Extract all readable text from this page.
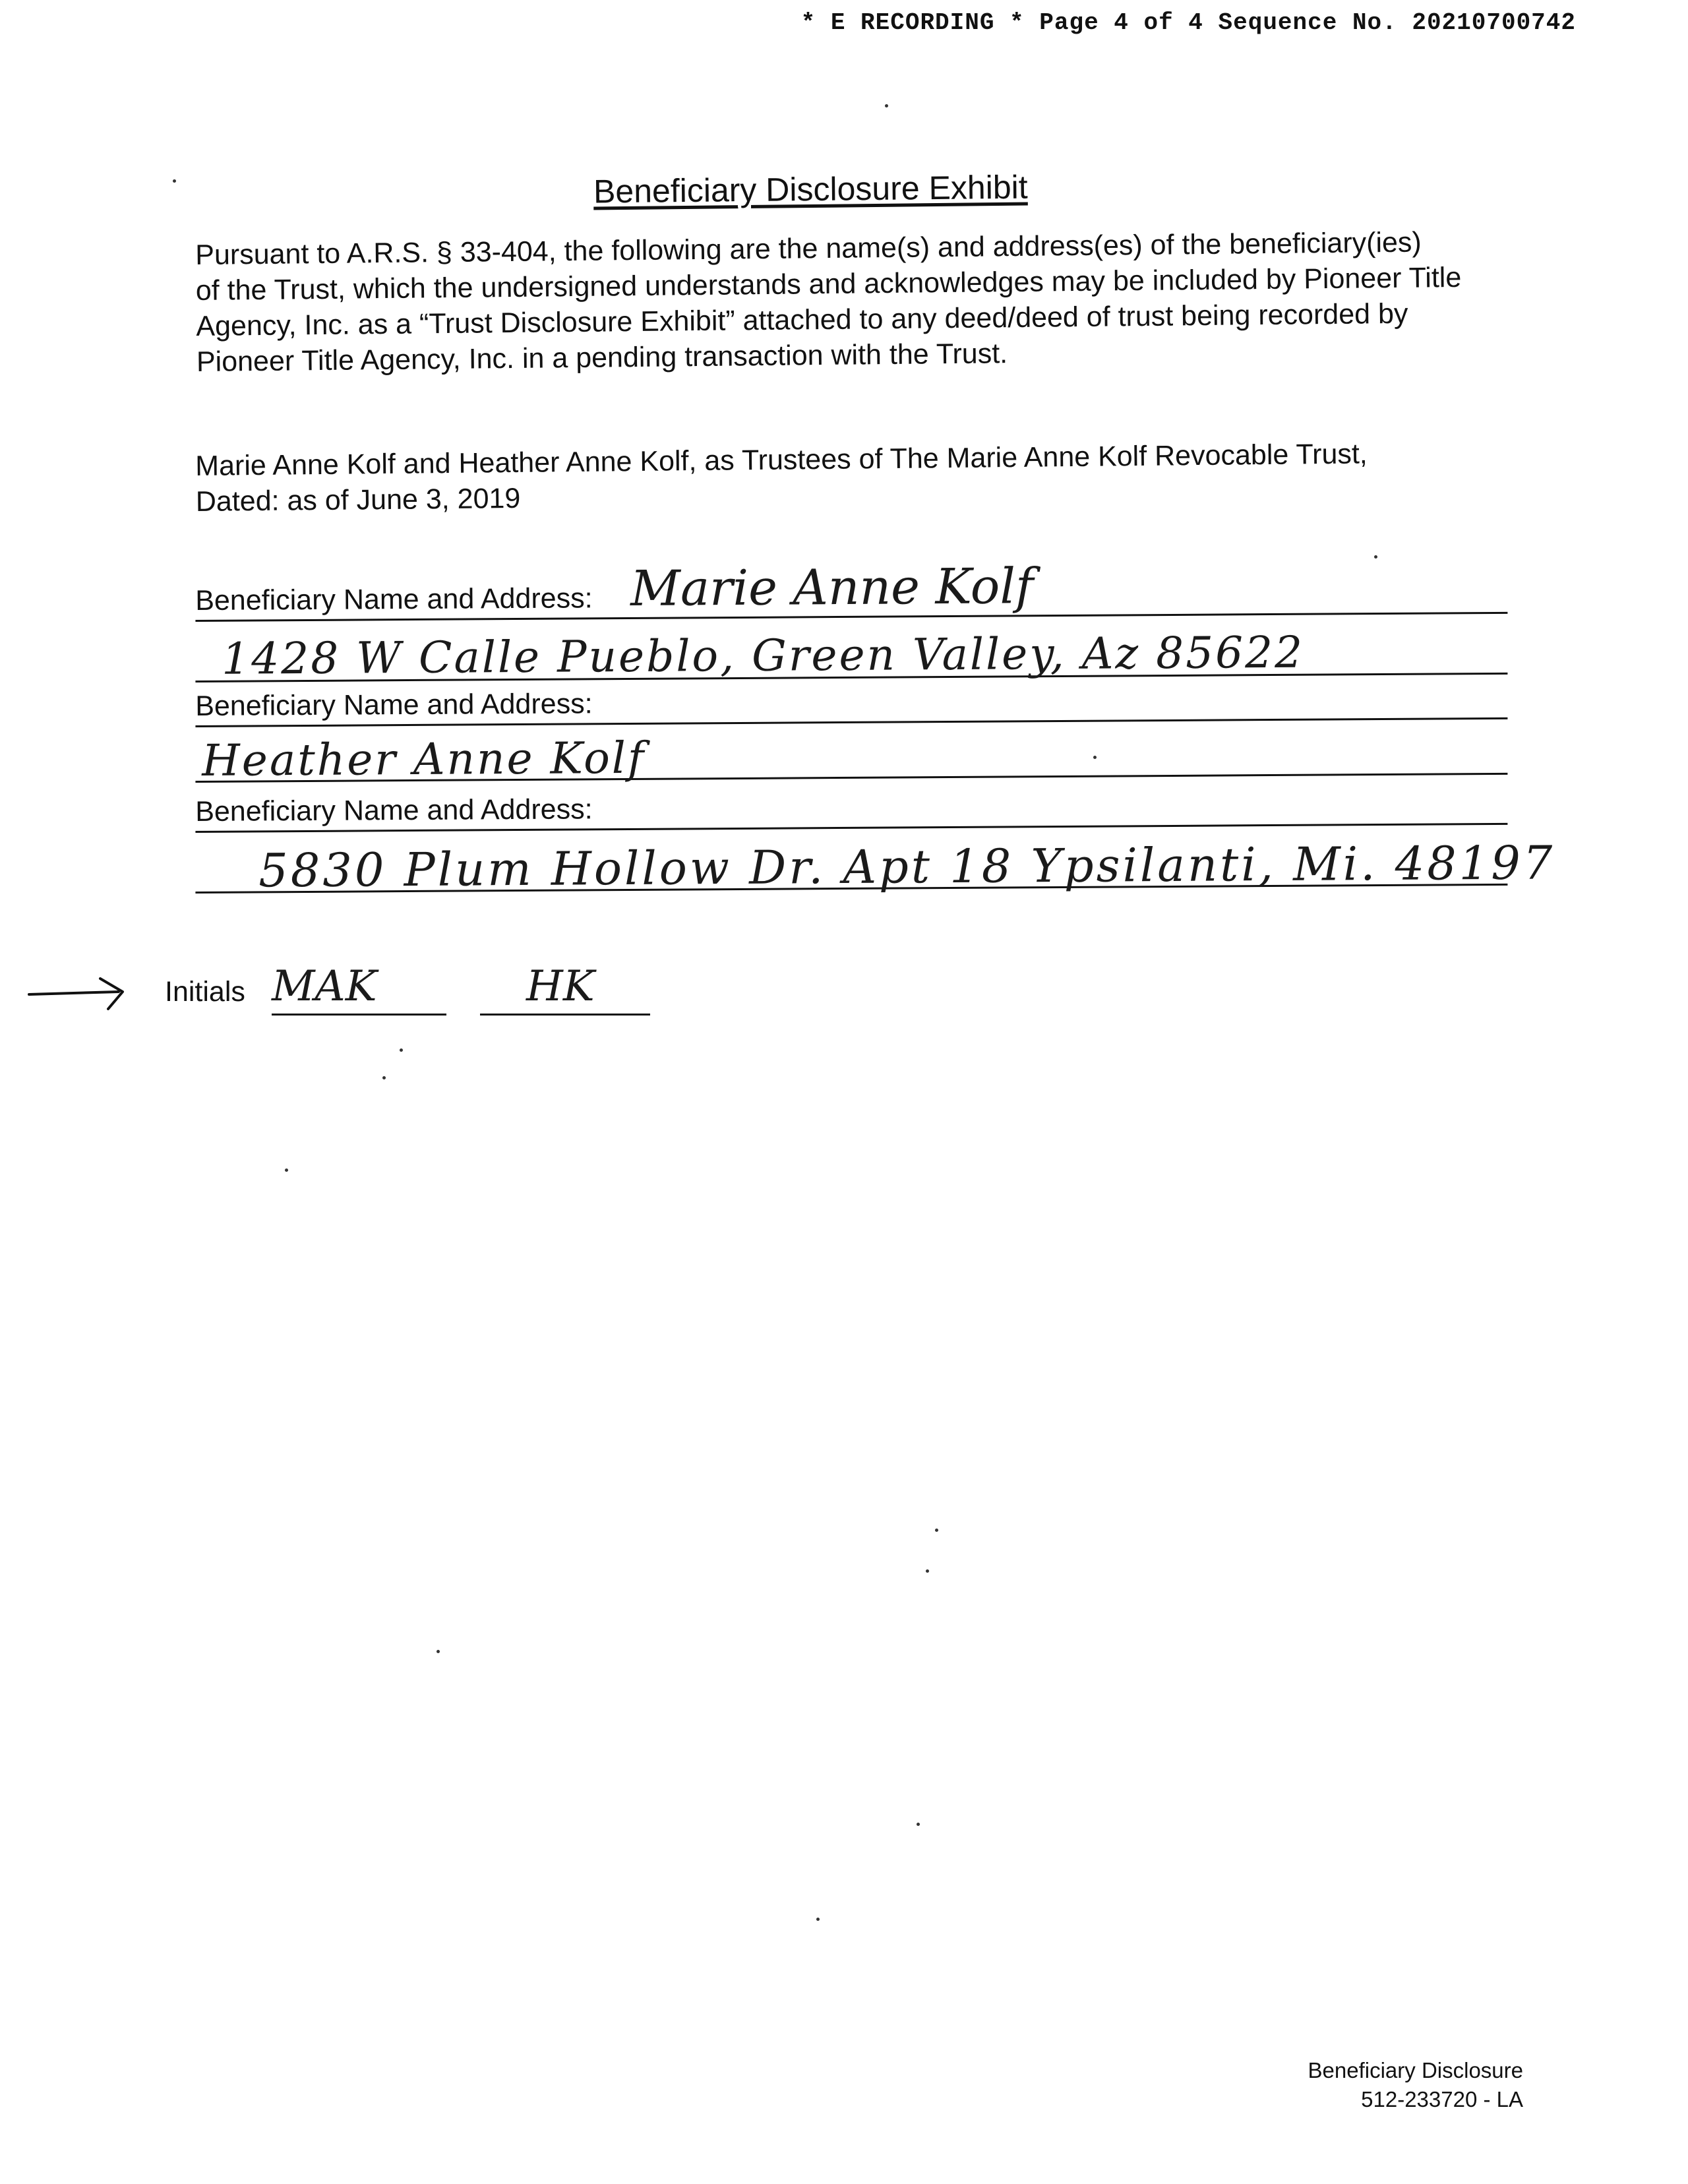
* E RECORDING * Page 4 of 4 Sequence No. 20210700742
Beneficiary Disclosure Exhibit
Pursuant to A.R.S. § 33-404, the following are the name(s) and address(es) of the beneficiary(ies)
of the Trust, which the undersigned understands and acknowledges may be included by Pioneer Title
Agency, Inc. as a “Trust Disclosure Exhibit” attached to any deed/deed of trust being recorded by
Pioneer Title Agency, Inc. in a pending transaction with the Trust.
Marie Anne Kolf and Heather Anne Kolf, as Trustees of The Marie Anne Kolf Revocable Trust,
Dated: as of June 3, 2019
Beneficiary Name and Address: Marie Anne Kolf
1428 W Calle Pueblo, Green Valley, Az 85622
Beneficiary Name and Address:
Heather Anne Kolf
Beneficiary Name and Address:
5830 Plum Hollow Dr. Apt 18 Ypsilanti, Mi. 48197
Initials MAK	HK
Beneficiary Disclosure
512-233720 - LA
